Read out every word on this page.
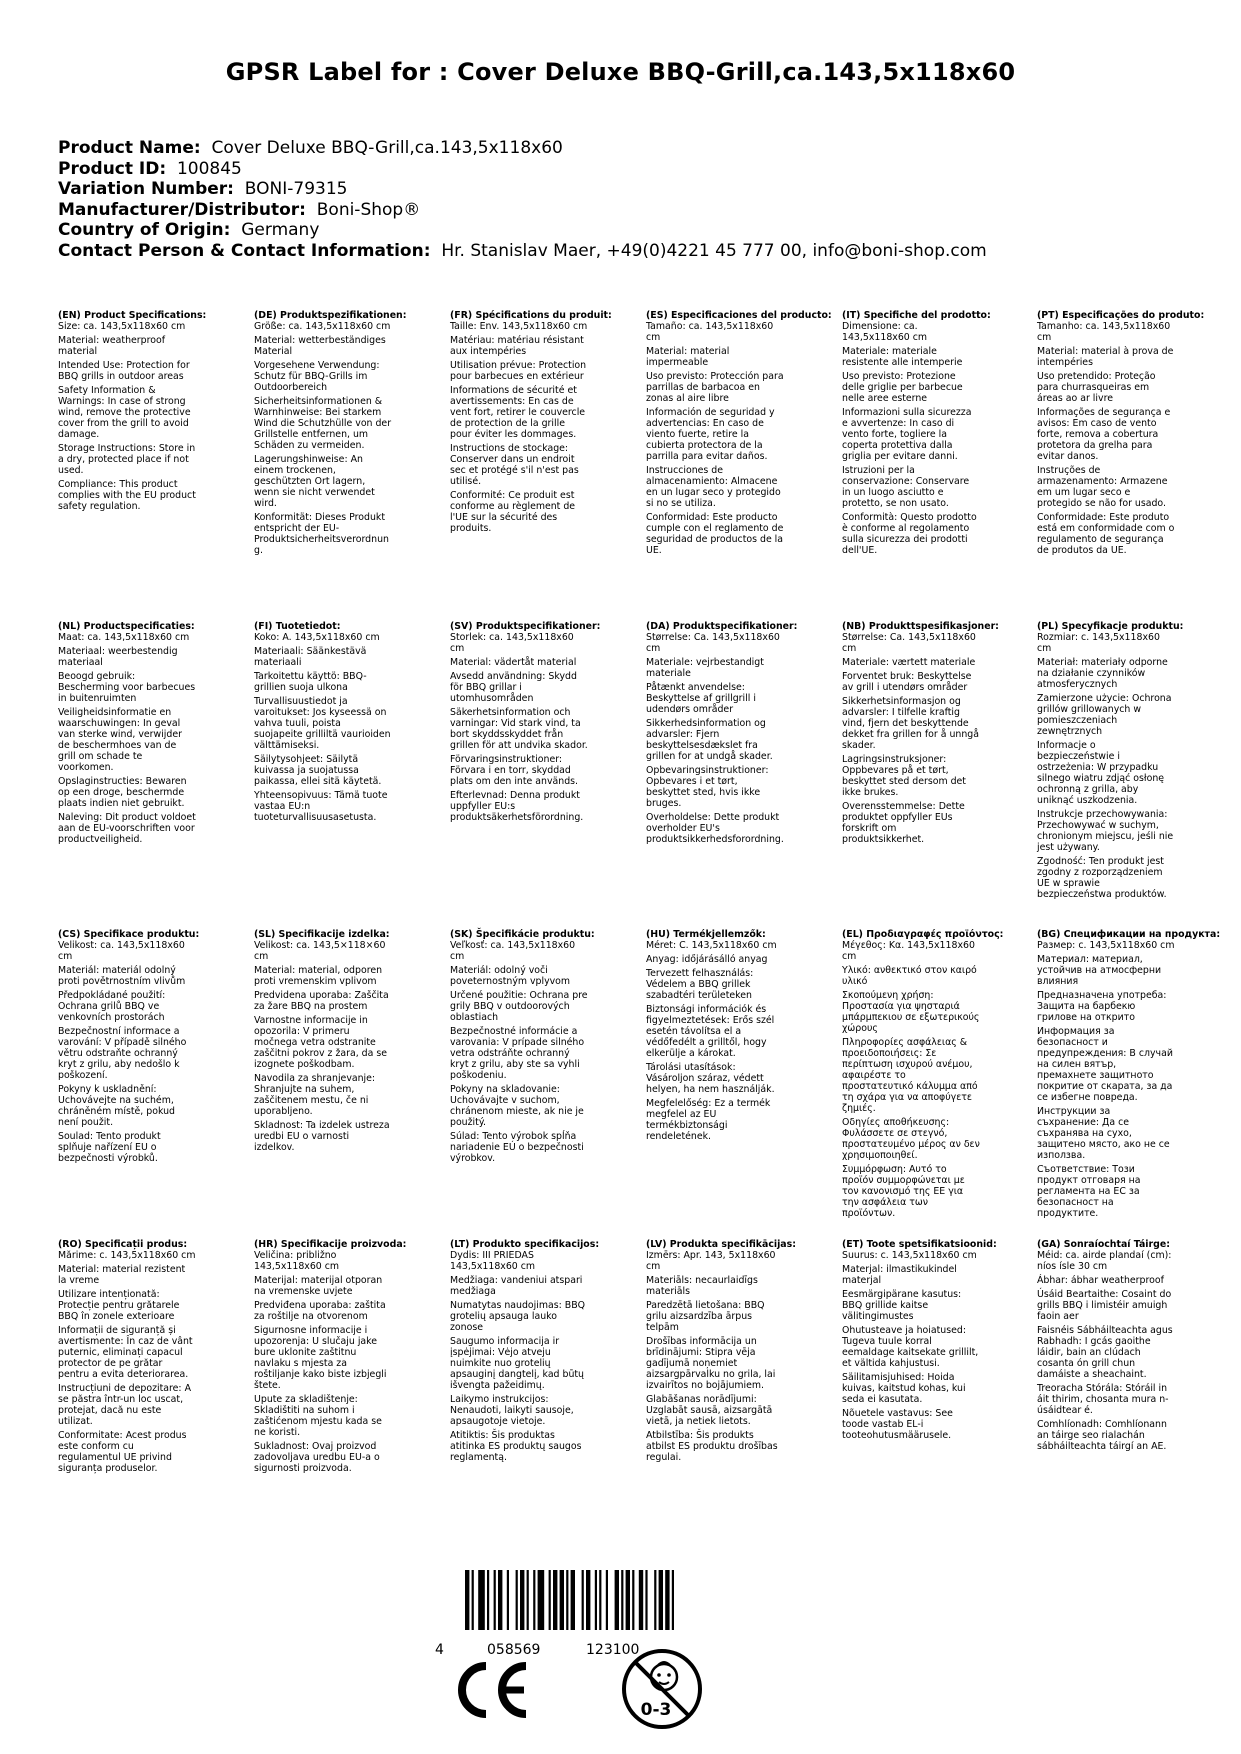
GPSR Label for : Cover Deluxe BBQ-Grill,ca.143,5x118x60
Product Name: Cover Deluxe BBQ-Grill,ca.143,5x118x60
Product ID: 100845
Variation Number: BONI-79315
Manufacturer/Distributor: Boni-Shop®
Country of Origin: Germany
Contact Person & Contact Information: Hr. Stanislav Maer, +49(0)4221 45 777 00, info@boni-shop.com
(EN) Product Specifications:
Size: ca. 143,5x118x60 cm
Material: weatherproof material
Intended Use: Protection for BBQ grills in outdoor areas
Safety Information & Warnings: In case of strong wind, remove the protective cover from the grill to avoid damage.
Storage Instructions: Store in a dry, protected place if not used.
Compliance: This product complies with the EU product safety regulation.
(DE) Produktspezifikationen:
Größe: ca. 143,5x118x60 cm
Material: wetterbeständiges Material
Vorgesehene Verwendung: Schutz für BBQ-Grills im Outdoorbereich
Sicherheitsinformationen & Warnhinweise: Bei starkem Wind die Schutzhülle von der Grillstelle entfernen, um Schäden zu vermeiden.
Lagerungshinweise: An einem trockenen, geschützten Ort lagern, wenn sie nicht verwendet wird.
Konformität: Dieses Produkt entspricht der EU-Produktsicherheitsverordnung.
(FR) Spécifications du produit:
Taille: Env. 143,5x118x60 cm
Matériau: matériau résistant aux intempéries
Utilisation prévue: Protection pour barbecues en extérieur
Informations de sécurité et avertissements: En cas de vent fort, retirer le couvercle de protection de la grille pour éviter les dommages.
Instructions de stockage: Conserver dans un endroit sec et protégé s'il n'est pas utilisé.
Conformité: Ce produit est conforme au règlement de l'UE sur la sécurité des produits.
(ES) Especificaciones del producto:
Tamaño: ca. 143,5x118x60 cm
Material: material impermeable
Uso previsto: Protección para parrillas de barbacoa en zonas al aire libre
Información de seguridad y advertencias: En caso de viento fuerte, retire la cubierta protectora de la parrilla para evitar daños.
Instrucciones de almacenamiento: Almacene en un lugar seco y protegido si no se utiliza.
Conformidad: Este producto cumple con el reglamento de seguridad de productos de la UE.
(IT) Specifiche del prodotto:
Dimensione: ca. 143,5x118x60 cm
Materiale: materiale resistente alle intemperie
Uso previsto: Protezione delle griglie per barbecue nelle aree esterne
Informazioni sulla sicurezza e avvertenze: In caso di vento forte, togliere la coperta protettiva dalla griglia per evitare danni.
Istruzioni per la conservazione: Conservare in un luogo asciutto e protetto, se non usato.
Conformità: Questo prodotto è conforme al regolamento sulla sicurezza dei prodotti dell'UE.
(PT) Especificações do produto:
Tamanho: ca. 143,5x118x60 cm
Material: material à prova de intempéries
Uso pretendido: Proteção para churrasqueiras em áreas ao ar livre
Informações de segurança e avisos: Em caso de vento forte, remova a cobertura protetora da grelha para evitar danos.
Instruções de armazenamento: Armazene em um lugar seco e protegido se não for usado.
Conformidade: Este produto está em conformidade com o regulamento de segurança de produtos da UE.
(NL) Productspecificaties:
Maat: ca. 143,5x118x60 cm
Materiaal: weerbestendig materiaal
Beoogd gebruik: Bescherming voor barbecues in buitenruimten
Veiligheidsinformatie en waarschuwingen: In geval van sterke wind, verwijder de beschermhoes van de grill om schade te voorkomen.
Opslaginstructies: Bewaren op een droge, beschermde plaats indien niet gebruikt.
Naleving: Dit product voldoet aan de EU-voorschriften voor productveiligheid.
(FI) Tuotetiedot:
Koko: A. 143,5x118x60 cm
Materiaali: Säänkestävä materiaali
Tarkoitettu käyttö: BBQ-grillien suoja ulkona
Turvallisuustiedot ja varoitukset: Jos kyseessä on vahva tuuli, poista suojapeite grilliltä vaurioiden välttämiseksi.
Säilytysohjeet: Säilytä kuivassa ja suojatussa paikassa, ellei sitä käytetä.
Yhteensopivuus: Tämä tuote vastaa EU:n tuoteturvallisuusasetusta.
(SV) Produktspecifikationer:
Storlek: ca. 143,5x118x60 cm
Material: vädertåt material
Avsedd användning: Skydd för BBQ grillar i utomhusområden
Säkerhetsinformation och varningar: Vid stark vind, ta bort skyddsskyddet från grillen för att undvika skador.
Förvaringsinstruktioner: Förvara i en torr, skyddad plats om den inte används.
Efterlevnad: Denna produkt uppfyller EU:s produktsäkerhetsförordning.
(DA) Produktspecifikationer:
Størrelse: Ca. 143,5x118x60 cm
Materiale: vejrbestandigt materiale
Påtænkt anvendelse: Beskyttelse af grillgrill i udendørs områder
Sikkerhedsinformation og advarsler: Fjern beskyttelsesdækslet fra grillen for at undgå skader.
Opbevaringsinstruktioner: Opbevares i et tørt, beskyttet sted, hvis ikke bruges.
Overholdelse: Dette produkt overholder EU's produktsikkerhedsforordning.
(NB) Produkttspesifikasjoner:
Størrelse: Ca. 143,5x118x60 cm
Materiale: værtett materiale
Forventet bruk: Beskyttelse av grill i utendørs områder
Sikkerhetsinformasjon og advarsler: I tilfelle kraftig vind, fjern det beskyttende dekket fra grillen for å unngå skader.
Lagringsinstruksjoner: Oppbevares på et tørt, beskyttet sted dersom det ikke brukes.
Overensstemmelse: Dette produktet oppfyller EUs forskrift om produktsikkerhet.
(PL) Specyfikacje produktu:
Rozmiar: c. 143,5x118x60 cm
Materiał: materiały odporne na działanie czynników atmosferycznych
Zamierzone użycie: Ochrona grillów grillowanych w pomieszczeniach zewnętrznych
Informacje o bezpieczeństwie i ostrzeżenia: W przypadku silnego wiatru zdjąć osłonę ochronną z grilla, aby uniknąć uszkodzenia.
Instrukcje przechowywania: Przechowywać w suchym, chronionym miejscu, jeśli nie jest używany.
Zgodność: Ten produkt jest zgodny z rozporządzeniem UE w sprawie bezpieczeństwa produktów.
(CS) Specifikace produktu:
Velikost: ca. 143,5x118x60 cm
Materiál: materiál odolný proti povětrnostním vlivům
Předpokládané použití: Ochrana grilů BBQ ve venkovních prostorách
Bezpečnostní informace a varování: V případě silného větru odstraňte ochranný kryt z grilu, aby nedošlo k poškození.
Pokyny k uskladnění: Uchovávejte na suchém, chráněném místě, pokud není použit.
Soulad: Tento produkt splňuje nařízení EU o bezpečnosti výrobků.
(SL) Specifikacije izdelka:
Velikost: ca. 143,5×118×60 cm
Material: material, odporen proti vremenskim vplivom
Predvidena uporaba: Zaščita za žare BBQ na prostem
Varnostne informacije in opozorila: V primeru močnega vetra odstranite zaščitni pokrov z žara, da se izognete poškodbam.
Navodila za shranjevanje: Shranjujte na suhem, zaščitenem mestu, če ni uporabljeno.
Skladnost: Ta izdelek ustreza uredbi EU o varnosti izdelkov.
(SK) Špecifikácie produktu:
Veľkosť: ca. 143,5x118x60 cm
Materiál: odolný voči poveternostným vplyvom
Určené použitie: Ochrana pre grily BBQ v outdoorových oblastiach
Bezpečnostné informácie a varovania: V prípade silného vetra odstráňte ochranný kryt z grilu, aby ste sa vyhli poškodeniu.
Pokyny na skladovanie: Uchovávajte v suchom, chránenom mieste, ak nie je použitý.
Súlad: Tento výrobok spĺňa nariadenie EÚ o bezpečnosti výrobkov.
(HU) Termékjellemzők:
Méret: C. 143,5x118x60 cm
Anyag: időjárásálló anyag
Tervezett felhasználás: Védelem a BBQ grillek szabadtéri területeken
Biztonsági információk és figyelmeztetések: Erős szél esetén távolítsa el a védőfedélt a grilltől, hogy elkerülje a károkat.
Tárolási utasítások: Vásároljon száraz, védett helyen, ha nem használják.
Megfelelőség: Ez a termék megfelel az EU termékbiztonsági rendeletének.
(EL) Προδιαγραφές προϊόντος:
Μέγεθος: Κα. 143,5x118x60 cm
Υλικό: ανθεκτικό στον καιρό υλικό
Σκοπούμενη χρήση: Προστασία για ψησταριά μπάρμπεκιου σε εξωτερικούς χώρους
Πληροφορίες ασφάλειας & προειδοποιήσεις: Σε περίπτωση ισχυρού ανέμου, αφαιρέστε το προστατευτικό κάλυμμα από τη σχάρα για να αποφύγετε ζημιές.
Οδηγίες αποθήκευσης: Φυλάσσετε σε στεγνό, προστατευμένο μέρος αν δεν χρησιμοποιηθεί.
Συμμόρφωση: Αυτό το προϊόν συμμορφώνεται με τον κανονισμό της ΕΕ για την ασφάλεια των προϊόντων.
(BG) Спецификации на продукта:
Размер: с. 143,5x118x60 cm
Материал: материал, устойчив на атмосферни влияния
Предназначена употреба: Защита на барбекю грилове на открито
Информация за безопасност и предупреждения: В случай на силен вятър, премахнете защитното покритие от скарата, за да се избегне повреда.
Инструкции за съхранение: Да се съхранява на сухо, защитено място, ако не се използва.
Съответствие: Този продукт отговаря на регламента на ЕС за безопасност на продуктите.
(RO) Specificații produs:
Mărime: c. 143,5x118x60 cm
Material: material rezistent la vreme
Utilizare intenționată: Protecție pentru grătarele BBQ în zonele exterioare
Informații de siguranță și avertismente: În caz de vânt puternic, eliminați capacul protector de pe grătar pentru a evita deteriorarea.
Instrucțiuni de depozitare: A se păstra într-un loc uscat, protejat, dacă nu este utilizat.
Conformitate: Acest produs este conform cu regulamentul UE privind siguranța produselor.
(HR) Specifikacije proizvoda:
Veličina: približno 143,5x118x60 cm
Materijal: materijal otporan na vremenske uvjete
Predviđena uporaba: zaštita za roštilje na otvorenom
Sigurnosne informacije i upozorenja: U slučaju jake bure uklonite zaštitnu navlaku s mjesta za roštiljanje kako biste izbjegli štete.
Upute za skladištenje: Skladištiti na suhom i zaštićenom mjestu kada se ne koristi.
Sukladnost: Ovaj proizvod zadovoljava uredbu EU-a o sigurnosti proizvoda.
(LT) Produkto specifikacijos:
Dydis: III PRIEDAS 143,5x118x60 cm
Medžiaga: vandeniui atspari medžiaga
Numatytas naudojimas: BBQ grotelių apsauga lauko zonose
Saugumo informacija ir įspėjimai: Vėjo atveju nuimkite nuo grotelių apsauginį dangtelį, kad būtų išvengta pažeidimų.
Laikymo instrukcijos: Nenaudoti, laikyti sausoje, apsaugotoje vietoje.
Atitiktis: Šis produktas atitinka ES produktų saugos reglamentą.
(LV) Produkta specifikācijas:
Izmērs: Apr. 143, 5x118x60 cm
Materiāls: necaurlaidīgs materiāls
Paredzētā lietošana: BBQ grilu aizsardzība ārpus telpām
Drošības informācija un brīdinājumi: Stipra vēja gadījumā noņemiet aizsargpārvalku no grila, lai izvairītos no bojājumiem.
Glabāšanas norādījumi: Uzglabāt sausā, aizsargātā vietā, ja netiek lietots.
Atbilstība: Šis produkts atbilst ES produktu drošības regulai.
(ET) Toote spetsifikatsioonid:
Suurus: c. 143,5x118x60 cm
Materjal: ilmastikukindel materjal
Eesmärgipärane kasutus: BBQ grillide kaitse välitingimustes
Ohutusteave ja hoiatused: Tugeva tuule korral eemaldage kaitsekate grillilt, et vältida kahjustusi.
Säilitamisjuhised: Hoida kuivas, kaitstud kohas, kui seda ei kasutata.
Nõuetele vastavus: See toode vastab EL-i tooteohutusmäärusele.
(GA) Sonraíochtaí Táirge:
Méid: ca. airde plandaí (cm): níos ísle 30 cm
Ábhar: ábhar weatherproof
Úsáid Beartaithe: Cosaint do grills BBQ i limistéir amuigh faoin aer
Faisnéis Sábháilteachta agus Rabhadh: I gcás gaoithe láidir, bain an clúdach cosanta ón grill chun damáiste a sheachaint.
Treoracha Stórála: Stóráil in áit thirim, chosanta mura n-úsáidtear é.
Comhlíonadh: Comhlíonann an táirge seo rialachán sábháilteachta táirgí an AE.
4	058569	123100
0-3
